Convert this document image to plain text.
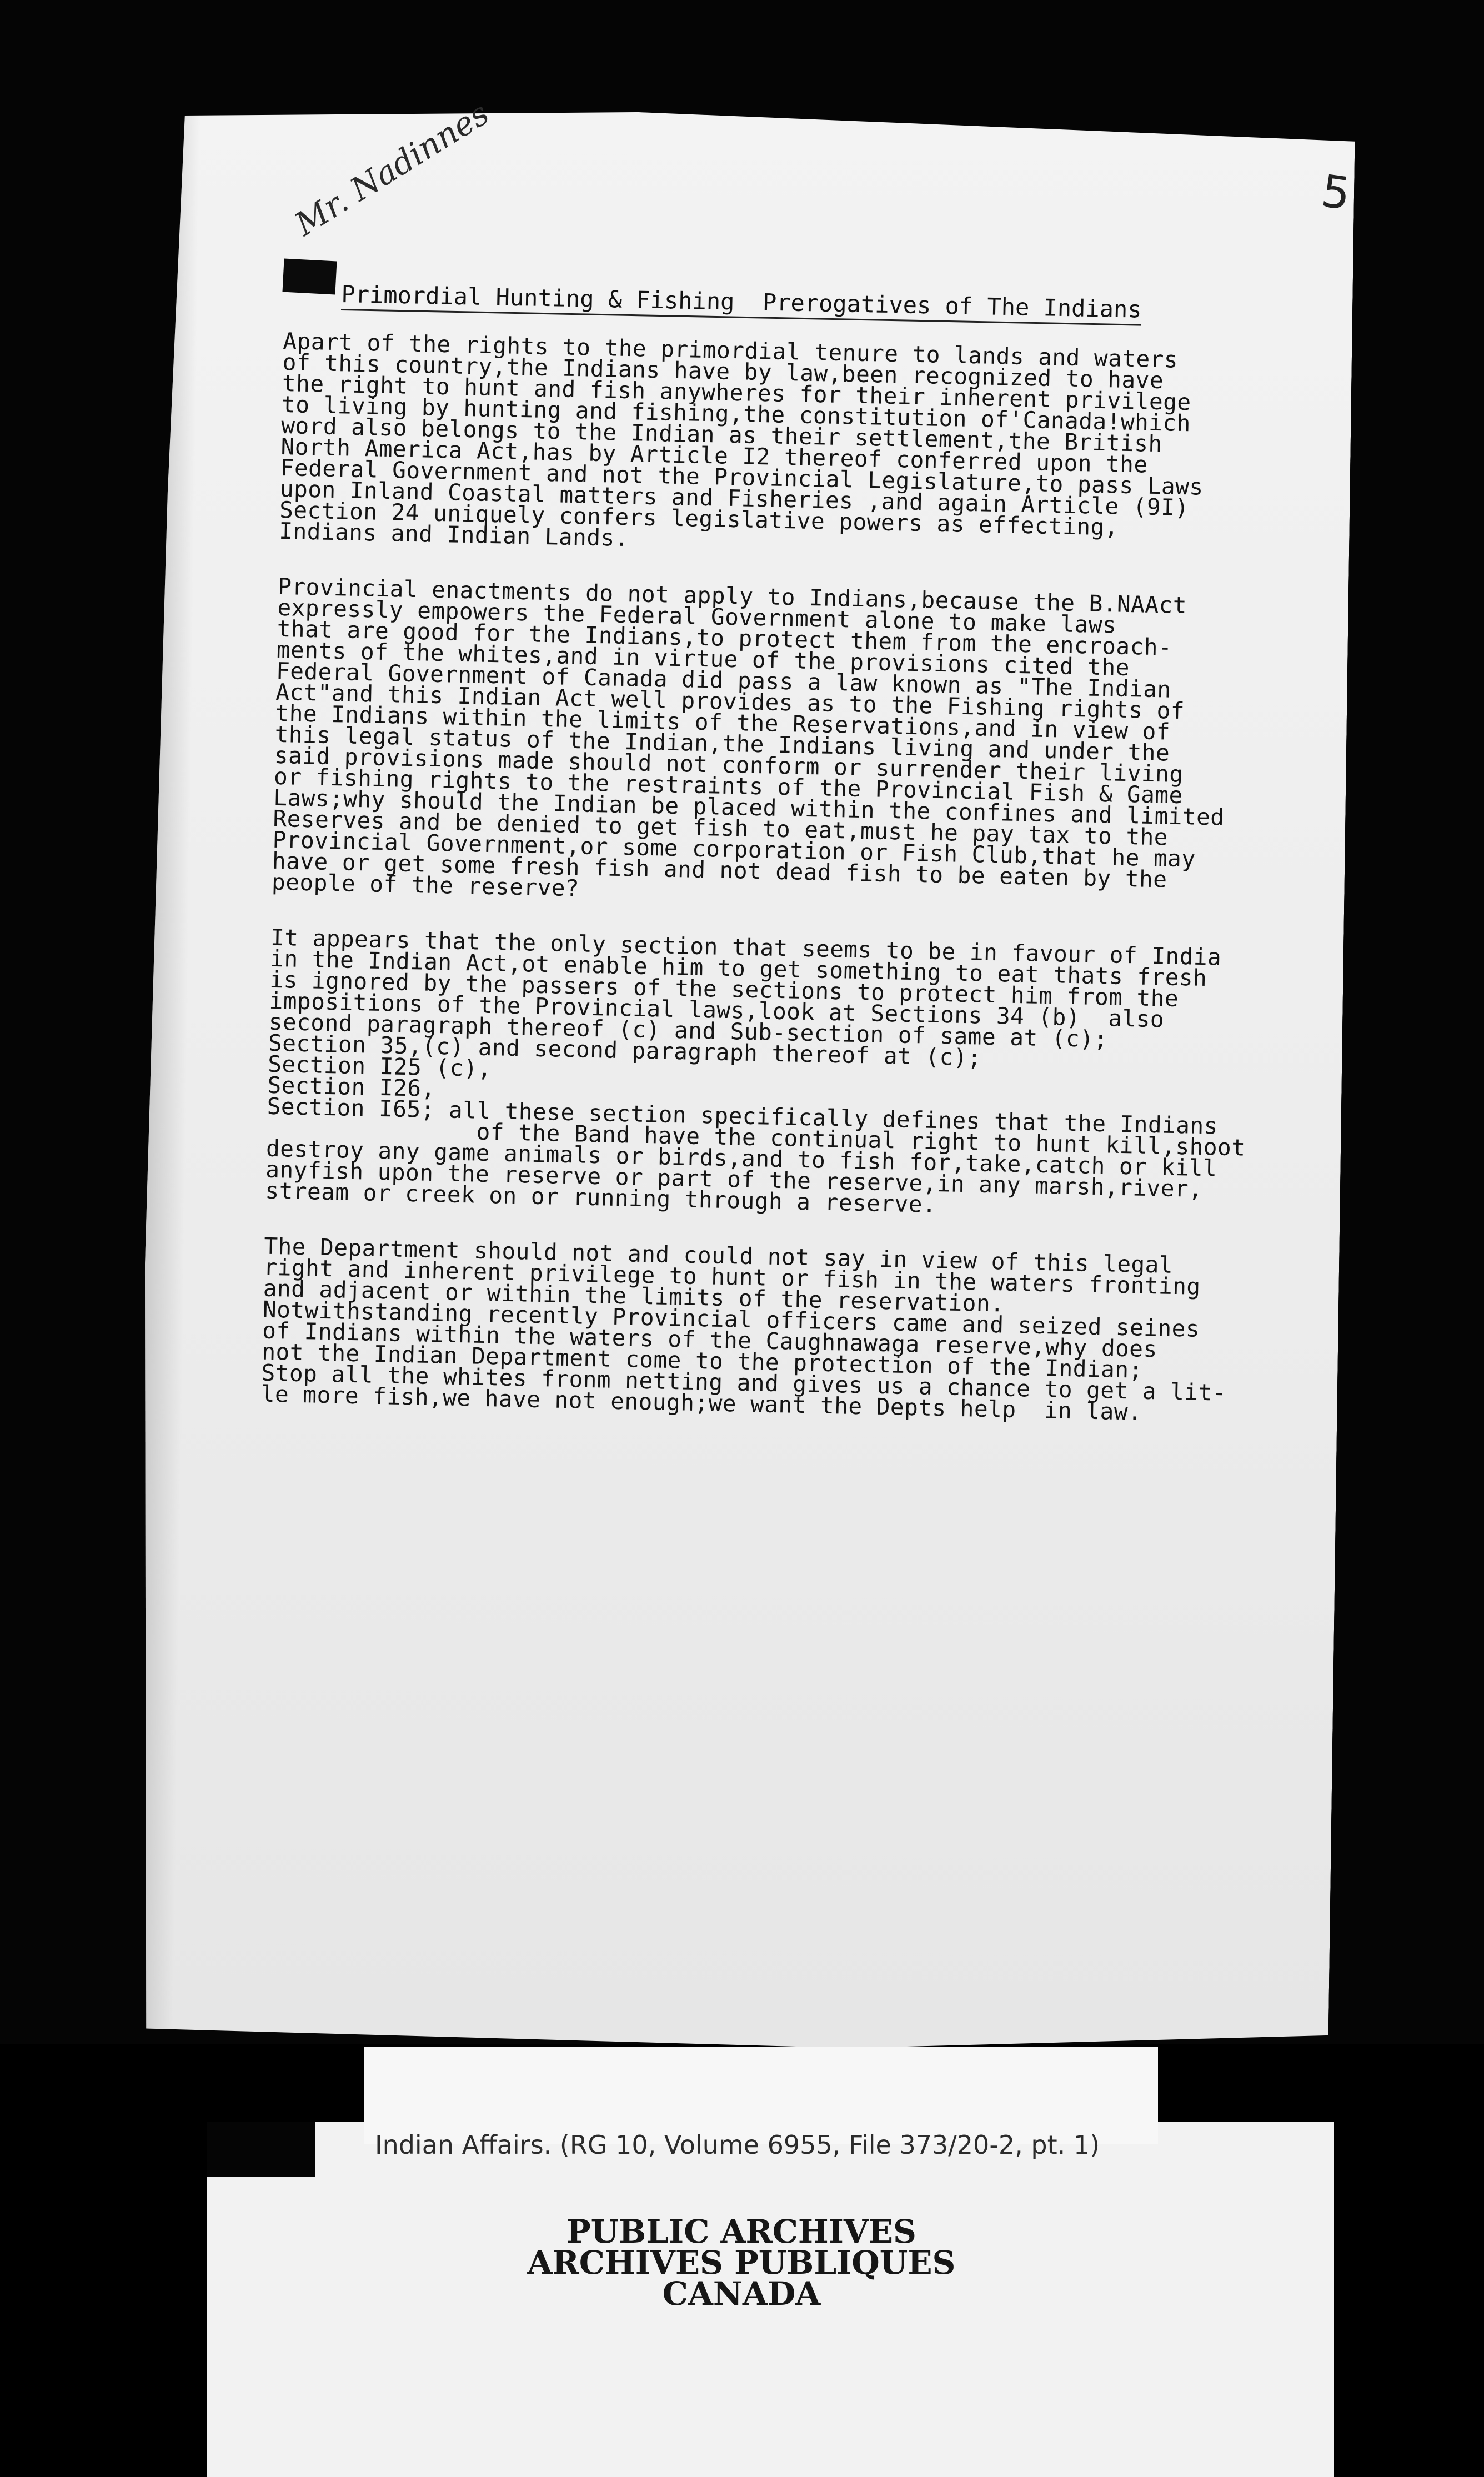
5
Mr. Nadinnes
Primordial Hunting & Fishing  Prerogatives of The Indians

Apart of the rights to the primordial tenure to lands and waters
of this country,the Indians have by law,been recognized to have
the right to hunt and fish anywheres for their inherent privilege
to living by hunting and fishing,the constitution of'Canada!which
word also belongs to the Indian as their settlement,the British
North America Act,has by Article I2 thereof conferred upon the
Federal Government and not the Provincial Legislature,to pass Laws
upon Inland Coastal matters and Fisheries ,and again Article (9I)
Section 24 uniquely confers legislative powers as effecting,
Indians and Indian Lands.

Provincial enactments do not apply to Indians,because the B.NAAct
expressly empowers the Federal Government alone to make laws
that are good for the Indians,to protect them from the encroach-
ments of the whites,and in virtue of the provisions cited the
Federal Government of Canada did pass a law known as "The Indian
Act"and this Indian Act well provides as to the Fishing rights of
the Indians within the limits of the Reservations,and in view of
this legal status of the Indian,the Indians living and under the
said provisions made should not conform or surrender their living
or fishing rights to the restraints of the Provincial Fish & Game
Laws;why should the Indian be placed within the confines and limited
Reserves and be denied to get fish to eat,must he pay tax to the
Provincial Government,or some corporation or Fish Club,that he may
have or get some fresh fish and not dead fish to be eaten by the
people of the reserve?

It appears that the only section that seems to be in favour of India
in the Indian Act,ot enable him to get something to eat thats fresh
is ignored by the passers of the sections to protect him from the
impositions of the Provincial laws,look at Sections 34 (b)  also
second paragraph thereof (c) and Sub-section of same at (c);
Section 35,(c) and second paragraph thereof at (c);
Section I25 (c),
Section I26,
Section I65; all these section specifically defines that the Indians
of the Band have the continual right to hunt kill,shoot
destroy any game animals or birds,and to fish for,take,catch or kill
anyfish upon the reserve or part of the reserve,in any marsh,river,
stream or creek on or running through a reserve.

The Department should not and could not say in view of this legal
right and inherent privilege to hunt or fish in the waters fronting
and adjacent or within the limits of the reservation.
Notwithstanding recently Provincial officers came and seized seines
of Indians within the waters of the Caughnawaga reserve,why does
not the Indian Department come to the protection of the Indian;
Stop all the whites fronm netting and gives us a chance to get a lit-
le more fish,we have not enough;we want the Depts help  in law.

Indian Affairs. (RG 10, Volume 6955, File 373/20-2, pt. 1)
PUBLIC ARCHIVES
ARCHIVES PUBLIQUES
CANADA
